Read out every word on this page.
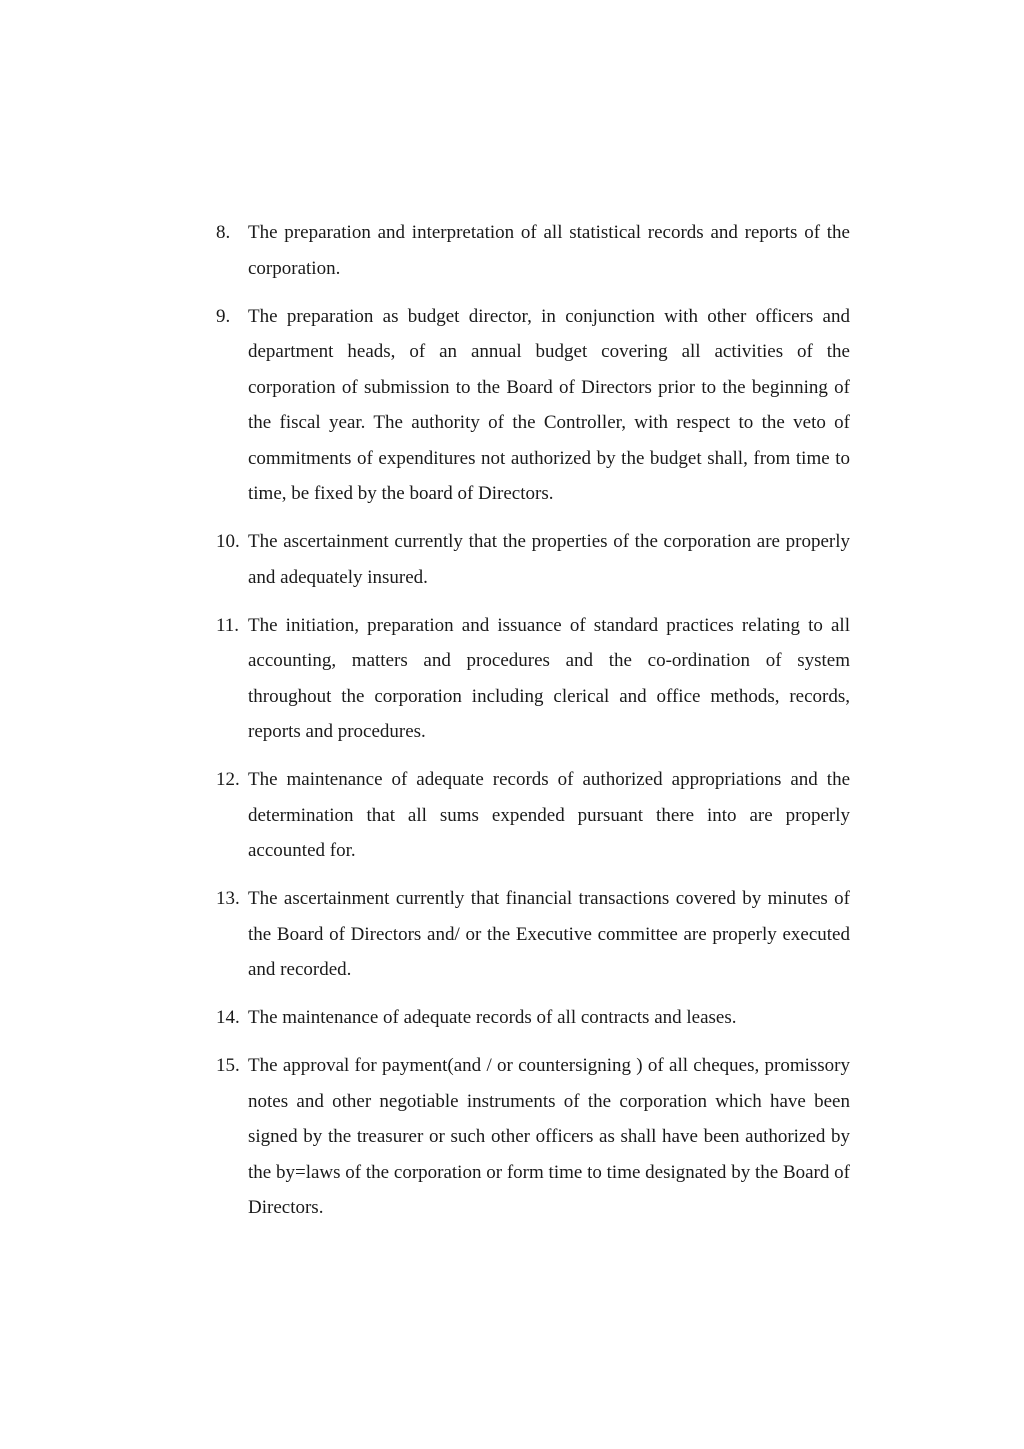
8. The preparation and interpretation of all statistical records and reports of the corporation.
9. The preparation as budget director, in conjunction with other officers and department heads, of an annual budget covering all activities of the corporation of submission to the Board of Directors prior to the beginning of the fiscal year. The authority of the Controller, with respect to the veto of commitments of expenditures not authorized by the budget shall, from time to time, be fixed by the board of Directors.
10. The ascertainment currently that the properties of the corporation are properly and adequately insured.
11. The initiation, preparation and issuance of standard practices relating to all accounting, matters and procedures and the co-ordination of system throughout the corporation including clerical and office methods, records, reports and procedures.
12. The maintenance of adequate records of authorized appropriations and the determination that all sums expended pursuant there into are properly accounted for.
13. The ascertainment currently that financial transactions covered by minutes of the Board of Directors and/ or the Executive committee are properly executed and recorded.
14. The maintenance of adequate records of all contracts and leases.
15. The approval for payment(and / or countersigning ) of all cheques, promissory notes and other negotiable instruments of the corporation which have been signed by the treasurer or such other officers as shall have been authorized by the by=laws of the corporation or form time to time designated by the Board of Directors.
